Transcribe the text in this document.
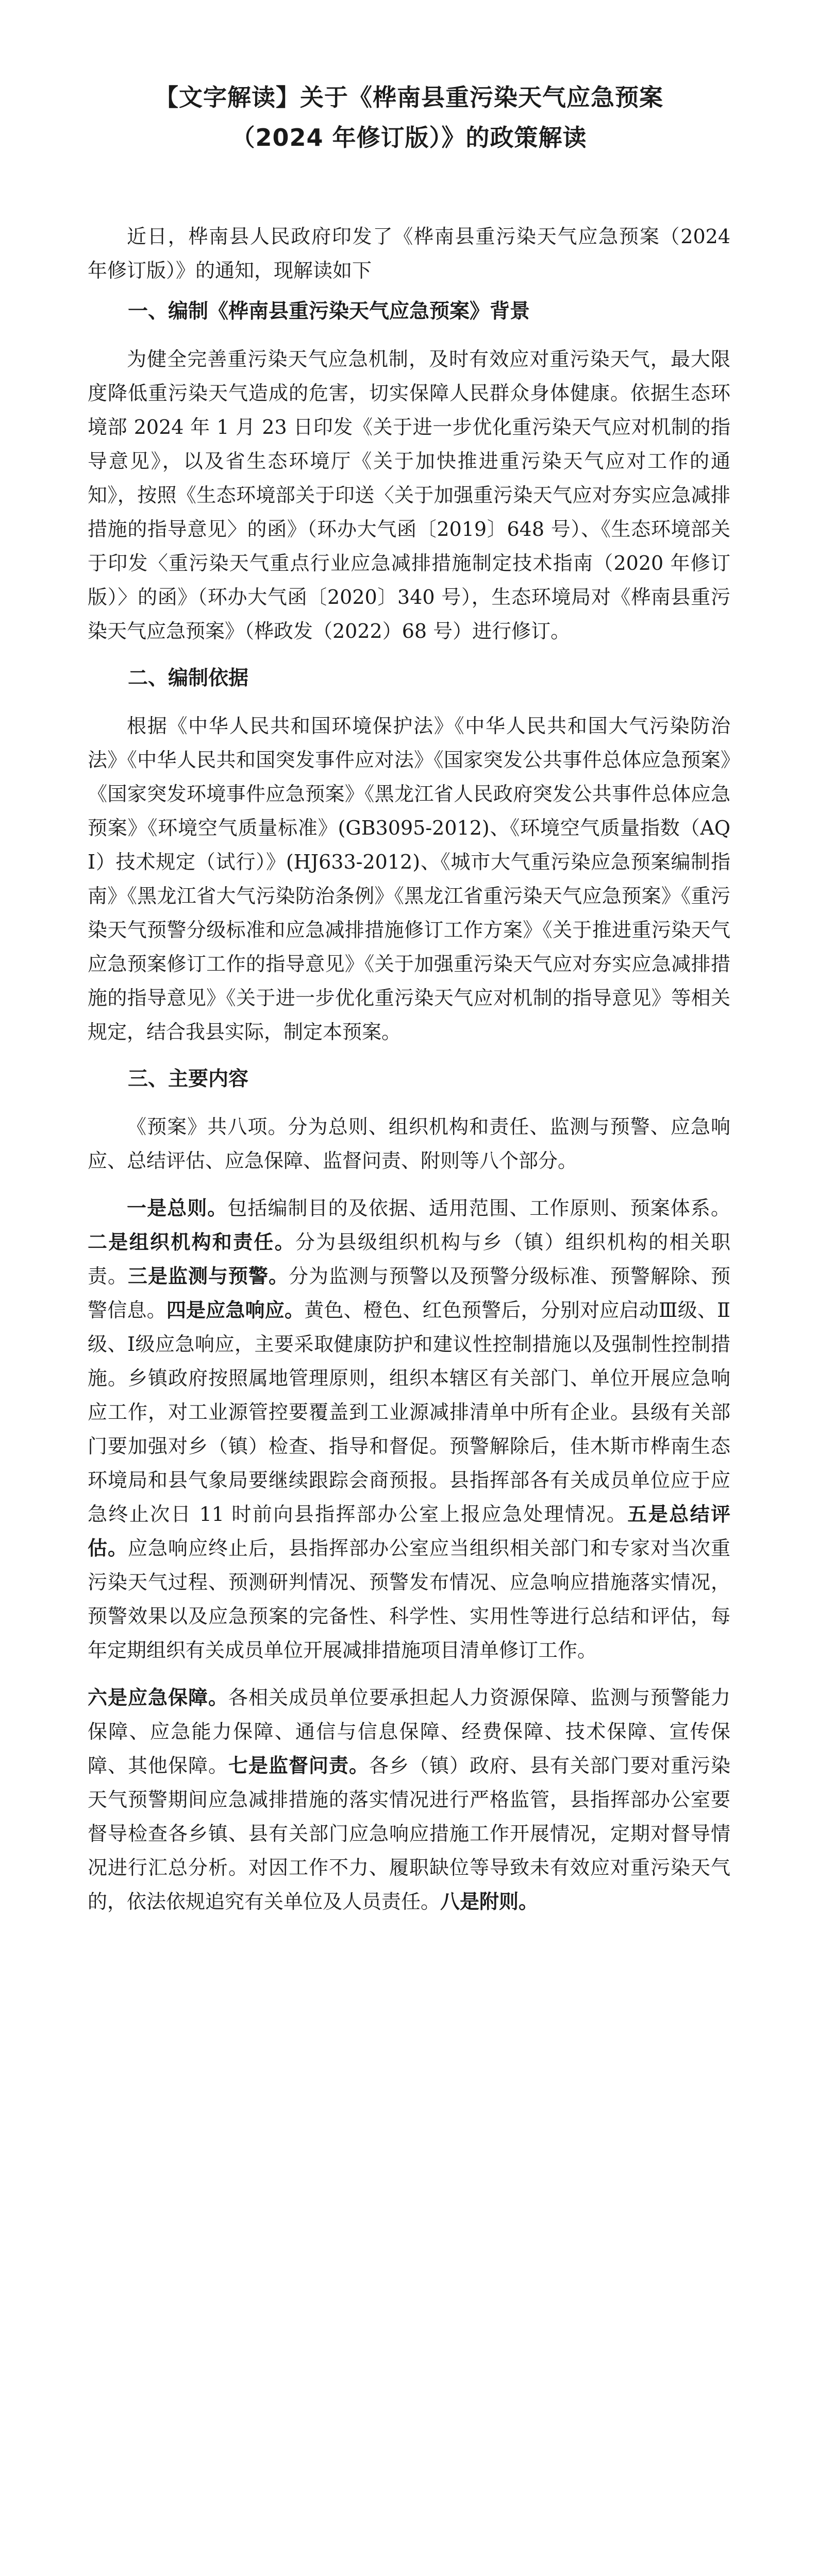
【文字解读】关于《桦南县重污染天气应急预案
（2024 年修订版）》的政策解读

近日，桦南县人民政府印发了《桦南县重污染天气应急预案（2024 年修订版）》的通知，现解读如下

一、编制《桦南县重污染天气应急预案》背景

为健全完善重污染天气应急机制，及时有效应对重污染天气，最大限度降低重污染天气造成的危害，切实保障人民群众身体健康。依据生态环境部 2024 年 1 月 23 日印发《关于进一步优化重污染天气应对机制的指导意见》，以及省生态环境厅《关于加快推进重污染天气应对工作的通知》，按照《生态环境部关于印送〈关于加强重污染天气应对夯实应急减排措施的指导意见〉的函》（环办大气函〔2019〕648 号）、《生态环境部关于印发〈重污染天气重点行业应急减排措施制定技术指南（2020 年修订版）〉的函》（环办大气函〔2020〕340 号），生态环境局对《桦南县重污染天气应急预案》（桦政发（2022）68 号）进行修订。

二、编制依据

根据《中华人民共和国环境保护法》《中华人民共和国大气污染防治法》《中华人民共和国突发事件应对法》《国家突发公共事件总体应急预案》《国家突发环境事件应急预案》《黑龙江省人民政府突发公共事件总体应急预案》《环境空气质量标准》(GB3095-2012)、《环境空气质量指数（AQI）技术规定（试行）》(HJ633-2012)、《城市大气重污染应急预案编制指南》《黑龙江省大气污染防治条例》《黑龙江省重污染天气应急预案》《重污染天气预警分级标准和应急减排措施修订工作方案》《关于推进重污染天气应急预案修订工作的指导意见》《关于加强重污染天气应对夯实应急减排措施的指导意见》《关于进一步优化重污染天气应对机制的指导意见》等相关规定，结合我县实际，制定本预案。

三、主要内容

《预案》共八项。分为总则、组织机构和责任、监测与预警、应急响应、总结评估、应急保障、监督问责、附则等八个部分。

一是总则。包括编制目的及依据、适用范围、工作原则、预案体系。二是组织机构和责任。分为县级组织机构与乡（镇）组织机构的相关职责。三是监测与预警。分为监测与预警以及预警分级标准、预警解除、预警信息。四是应急响应。黄色、橙色、红色预警后，分别对应启动Ⅲ级、Ⅱ级、Ⅰ级应急响应，主要采取健康防护和建议性控制措施以及强制性控制措施。乡镇政府按照属地管理原则，组织本辖区有关部门、单位开展应急响应工作，对工业源管控要覆盖到工业源减排清单中所有企业。县级有关部门要加强对乡（镇）检查、指导和督促。预警解除后，佳木斯市桦南生态环境局和县气象局要继续跟踪会商预报。县指挥部各有关成员单位应于应急终止次日 11 时前向县指挥部办公室上报应急处理情况。五是总结评估。应急响应终止后，县指挥部办公室应当组织相关部门和专家对当次重污染天气过程、预测研判情况、预警发布情况、应急响应措施落实情况，预警效果以及应急预案的完备性、科学性、实用性等进行总结和评估，每年定期组织有关成员单位开展减排措施项目清单修订工作。

六是应急保障。各相关成员单位要承担起人力资源保障、监测与预警能力保障、应急能力保障、通信与信息保障、经费保障、技术保障、宣传保障、其他保障。七是监督问责。各乡（镇）政府、县有关部门要对重污染天气预警期间应急减排措施的落实情况进行严格监管，县指挥部办公室要督导检查各乡镇、县有关部门应急响应措施工作开展情况，定期对督导情况进行汇总分析。对因工作不力、履职缺位等导致未有效应对重污染天气的，依法依规追究有关单位及人员责任。八是附则。
